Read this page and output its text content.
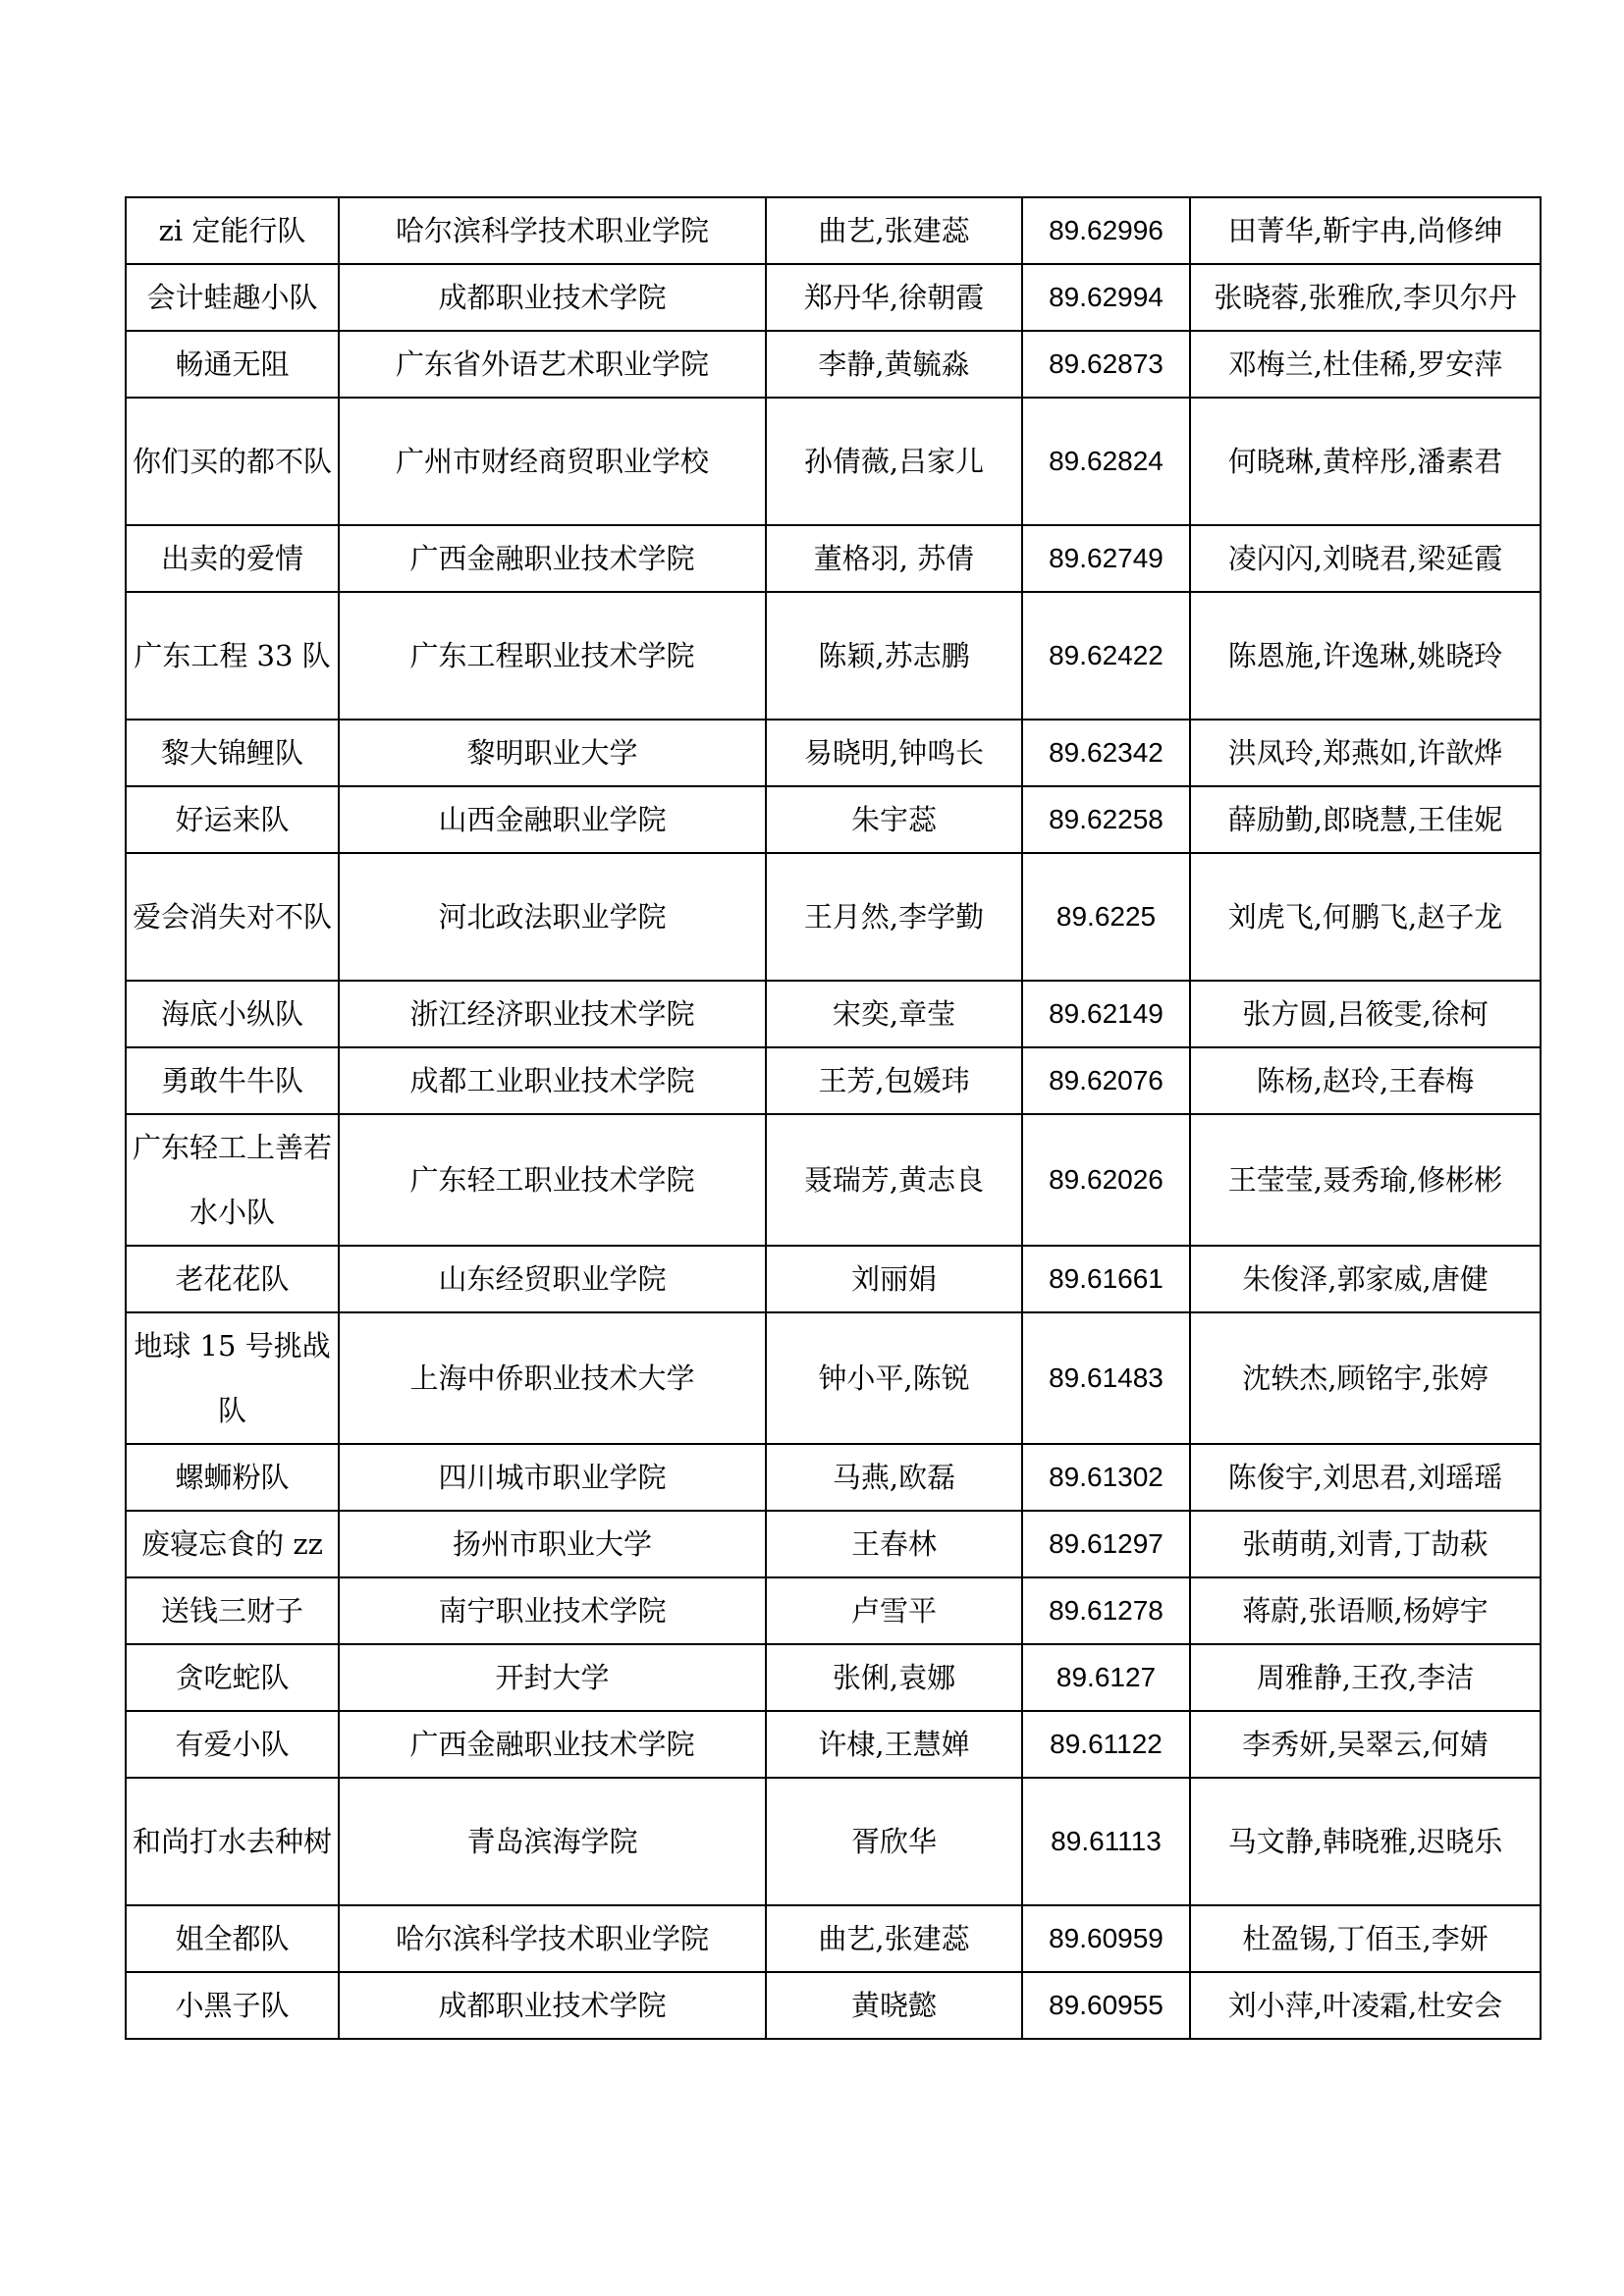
zi 定能行队	哈尔滨科学技术职业学院	曲艺,张建蕊	89.62996	田菁华,靳宇冉,尚修绅
会计蛙趣小队	成都职业技术学院	郑丹华,徐朝霞	89.62994	张晓蓉,张雅欣,李贝尔丹
畅通无阻	广东省外语艺术职业学院	李静,黄毓淼	89.62873	邓梅兰,杜佳稀,罗安萍
你们买的都不队	广州市财经商贸职业学校	孙倩薇,吕家儿	89.62824	何晓琳,黄梓彤,潘素君
出卖的爱情	广西金融职业技术学院	董格羽, 苏倩	89.62749	凌闪闪,刘晓君,梁延霞
广东工程 33 队	广东工程职业技术学院	陈颖,苏志鹏	89.62422	陈恩施,许逸琳,姚晓玲
黎大锦鲤队	黎明职业大学	易晓明,钟鸣长	89.62342	洪凤玲,郑燕如,许歆烨
好运来队	山西金融职业学院	朱宇蕊	89.62258	薛励勤,郎晓慧,王佳妮
爱会消失对不队	河北政法职业学院	王月然,李学勤	89.6225	刘虎飞,何鹏飞,赵子龙
海底小纵队	浙江经济职业技术学院	宋奕,章莹	89.62149	张方圆,吕筱雯,徐柯
勇敢牛牛队	成都工业职业技术学院	王芳,包媛玮	89.62076	陈杨,赵玲,王春梅
广东轻工上善若水小队	广东轻工职业技术学院	聂瑞芳,黄志良	89.62026	王莹莹,聂秀瑜,修彬彬
老花花队	山东经贸职业学院	刘丽娟	89.61661	朱俊泽,郭家威,唐健
地球 15 号挑战队	上海中侨职业技术大学	钟小平,陈锐	89.61483	沈轶杰,顾铭宇,张婷
螺蛳粉队	四川城市职业学院	马燕,欧磊	89.61302	陈俊宇,刘思君,刘瑶瑶
废寝忘食的 zz	扬州市职业大学	王春林	89.61297	张萌萌,刘青,丁劼萩
送钱三财子	南宁职业技术学院	卢雪平	89.61278	蒋蔚,张语顺,杨婷宇
贪吃蛇队	开封大学	张俐,袁娜	89.6127	周雅静,王孜,李洁
有爱小队	广西金融职业技术学院	许棣,王慧婵	89.61122	李秀妍,吴翠云,何婧
和尚打水去种树	青岛滨海学院	胥欣华	89.61113	马文静,韩晓雅,迟晓乐
姐全都队	哈尔滨科学技术职业学院	曲艺,张建蕊	89.60959	杜盈锡,丁佰玉,李妍
小黑子队	成都职业技术学院	黄晓懿	89.60955	刘小萍,叶凌霜,杜安会
